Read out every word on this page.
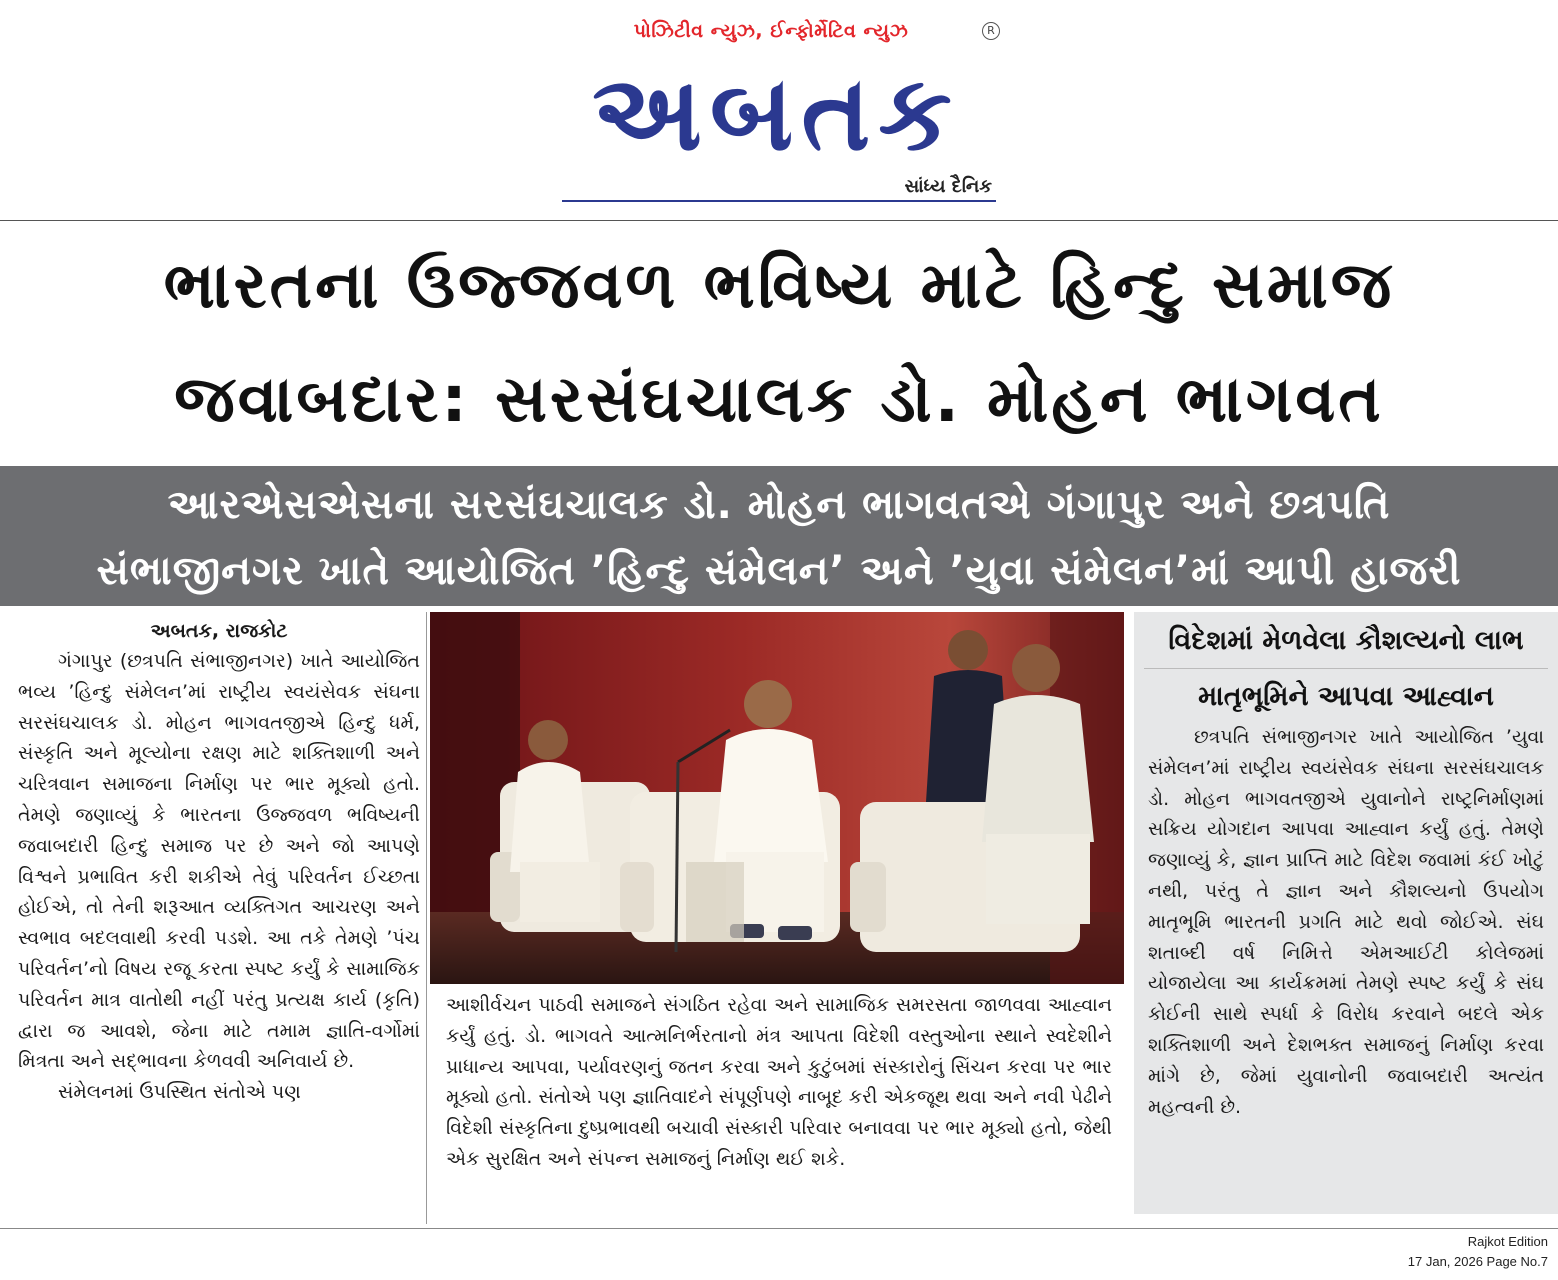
પોઝિટીવ ન્યુઝ, ઈન્ફોર્મેટિવ ન્યુઝ	R
અબતક
સાંધ્ય દૈનિક
ભારતના ઉજ્જવળ ભવિષ્ય માટે હિન્દુ સમાજ
જવાબદાર: સરસંઘચાલક ડો. મોહન ભાગવત
આરએસએસના સરસંઘચાલક ડો. મોહન ભાગવતએ ગંગાપુર અને છત્રપતિ
સંભાજીનગર ખાતે આયોજિત ’હિન્દુ સંમેલન’ અને ’યુવા સંમેલન’માં આપી હાજરી
અબતક, રાજકોટ

ગંગાપુર (છત્રપતિ સંભાજીનગર) ખાતે આયોજિત ભવ્ય ’હિન્દુ સંમેલન’માં રાષ્ટ્રીય સ્વયંસેવક સંઘના સરસંઘચાલક ડો. મોહન ભાગવતજીએ હિન્દુ ધર્મ, સંસ્કૃતિ અને મૂલ્યોના રક્ષણ માટે શક્તિશાળી અને ચરિત્રવાન સમાજના નિર્માણ પર ભાર મૂક્યો હતો. તેમણે જણાવ્યું કે ભારતના ઉજ્જવળ ભવિષ્યની જવાબદારી હિન્દુ સમાજ પર છે અને જો આપણે વિશ્વને પ્રભાવિત કરી શકીએ તેવું પરિવર્તન ઈચ્છતા હોઈએ, તો તેની શરૂઆત વ્યક્તિગત આચરણ અને સ્વભાવ બદલવાથી કરવી પડશે. આ તકે તેમણે ’પંચ પરિવર્તન’નો વિષય રજૂ કરતા સ્પષ્ટ કર્યું કે સામાજિક પરિવર્તન માત્ર વાતોથી નહીં પરંતુ પ્રત્યક્ષ કાર્ય (કૃતિ) દ્વારા જ આવશે, જેના માટે તમામ જ્ઞાતિ-વર્ગોમાં મિત્રતા અને સદ્ભાવના કેળવવી અનિવાર્ય છે.

સંમેલનમાં ઉપસ્થિત સંતોએ પણ

આશીર્વચન પાઠવી સમાજને સંગઠિત રહેવા અને સામાજિક સમરસતા જાળવવા આહ્વાન કર્યું હતું. ડો. ભાગવતે આત્મનિર્ભરતાનો મંત્ર આપતા વિદેશી વસ્તુઓના સ્થાને સ્વદેશીને પ્રાધાન્ય આપવા, પર્યાવરણનું જતન કરવા અને કુટુંબમાં સંસ્કારોનું સિંચન કરવા પર ભાર મૂક્યો હતો. સંતોએ પણ જ્ઞાતિવાદને સંપૂર્ણપણે નાબૂદ કરી એકજૂથ થવા અને નવી પેઢીને વિદેશી સંસ્કૃતિના દુષ્પ્રભાવથી બચાવી સંસ્કારી પરિવાર બનાવવા પર ભાર મૂક્યો હતો, જેથી એક સુરક્ષિત અને સંપન્ન સમાજનું નિર્માણ થઈ શકે.

વિદેશમાં મેળવેલા કૌશલ્યનો લાભ
માતૃભૂમિને આપવા આહ્વાન

છત્રપતિ સંભાજીનગર ખાતે આયોજિત ’યુવા સંમેલન’માં રાષ્ટ્રીય સ્વયંસેવક સંઘના સરસંઘચાલક ડો. મોહન ભાગવતજીએ યુવાનોને રાષ્ટ્રનિર્માણમાં સક્રિય યોગદાન આપવા આહ્વાન કર્યું હતું. તેમણે જણાવ્યું કે, જ્ઞાન પ્રાપ્તિ માટે વિદેશ જવામાં કંઈ ખોટું નથી, પરંતુ તે જ્ઞાન અને કૌશલ્યનો ઉપયોગ માતૃભૂમિ ભારતની પ્રગતિ માટે થવો જોઈએ. સંઘ શતાબ્દી વર્ષ નિમિત્તે એમઆઈટી કોલેજમાં યોજાયેલા આ કાર્યક્રમમાં તેમણે સ્પષ્ટ કર્યું કે સંઘ કોઈની સાથે સ્પર્ધા કે વિરોધ કરવાને બદલે એક શક્તિશાળી અને દેશભક્ત સમાજનું નિર્માણ કરવા માંગે છે, જેમાં યુવાનોની જવાબદારી અત્યંત મહત્વની છે.

Rajkot Edition
17 Jan, 2026 Page No.7
